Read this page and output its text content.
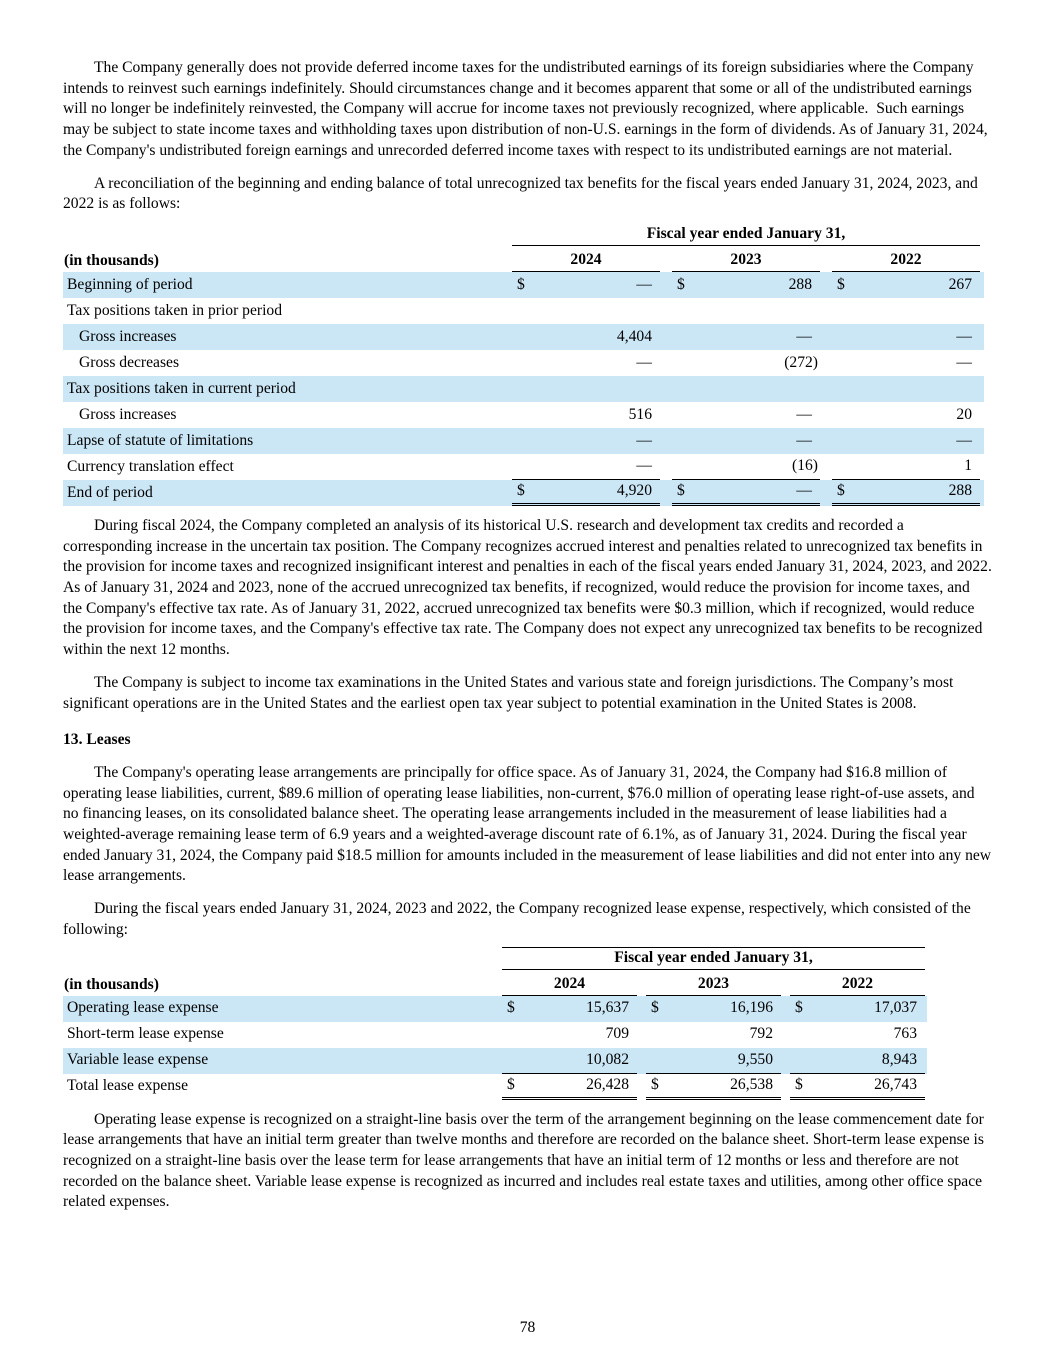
The Company generally does not provide deferred income taxes for the undistributed earnings of its foreign subsidiaries where the Company intends to reinvest such earnings indefinitely. Should circumstances change and it becomes apparent that some or all of the undistributed earnings will no longer be indefinitely reinvested, the Company will accrue for income taxes not previously recognized, where applicable.  Such earnings may be subject to state income taxes and withholding taxes upon distribution of non-U.S. earnings in the form of dividends. As of January 31, 2024, the Company's undistributed foreign earnings and unrecorded deferred income taxes with respect to its undistributed earnings are not material.

A reconciliation of the beginning and ending balance of total unrecognized tax benefits for the fiscal years ended January 31, 2024, 2023, and 2022 is as follows:

Fiscal year ended January 31,
(in thousands)	2024	2023	2022
Beginning of period	$	—	$	288	$	267
Tax positions taken in prior period
Gross increases	4,404	—	—
Gross decreases	—	(272)	—
Tax positions taken in current period
Gross increases	516	—	20
Lapse of statute of limitations	—	—	—
Currency translation effect	—	(16)	1
End of period	$	4,920	$	—	$	288

During fiscal 2024, the Company completed an analysis of its historical U.S. research and development tax credits and recorded a corresponding increase in the uncertain tax position. The Company recognizes accrued interest and penalties related to unrecognized tax benefits in the provision for income taxes and recognized insignificant interest and penalties in each of the fiscal years ended January 31, 2024, 2023, and 2022. As of January 31, 2024 and 2023, none of the accrued unrecognized tax benefits, if recognized, would reduce the provision for income taxes, and the Company's effective tax rate. As of January 31, 2022, accrued unrecognized tax benefits were $0.3 million, which if recognized, would reduce the provision for income taxes, and the Company's effective tax rate. The Company does not expect any unrecognized tax benefits to be recognized within the next 12 months.

The Company is subject to income tax examinations in the United States and various state and foreign jurisdictions. The Company’s most significant operations are in the United States and the earliest open tax year subject to potential examination in the United States is 2008.

13. Leases

The Company's operating lease arrangements are principally for office space. As of January 31, 2024, the Company had $16.8 million of operating lease liabilities, current, $89.6 million of operating lease liabilities, non-current, $76.0 million of operating lease right-of-use assets, and no financing leases, on its consolidated balance sheet. The operating lease arrangements included in the measurement of lease liabilities had a weighted-average remaining lease term of 6.9 years and a weighted-average discount rate of 6.1%, as of January 31, 2024. During the fiscal year ended January 31, 2024, the Company paid $18.5 million for amounts included in the measurement of lease liabilities and did not enter into any new lease arrangements.

During the fiscal years ended January 31, 2024, 2023 and 2022, the Company recognized lease expense, respectively, which consisted of the following:

Fiscal year ended January 31,
(in thousands)	2024	2023	2022
Operating lease expense	$	15,637	$	16,196	$	17,037
Short-term lease expense	709	792	763
Variable lease expense	10,082	9,550	8,943
Total lease expense	$	26,428	$	26,538	$	26,743

Operating lease expense is recognized on a straight-line basis over the term of the arrangement beginning on the lease commencement date for lease arrangements that have an initial term greater than twelve months and therefore are recorded on the balance sheet. Short-term lease expense is recognized on a straight-line basis over the lease term for lease arrangements that have an initial term of 12 months or less and therefore are not recorded on the balance sheet. Variable lease expense is recognized as incurred and includes real estate taxes and utilities, among other office space related expenses.

78
